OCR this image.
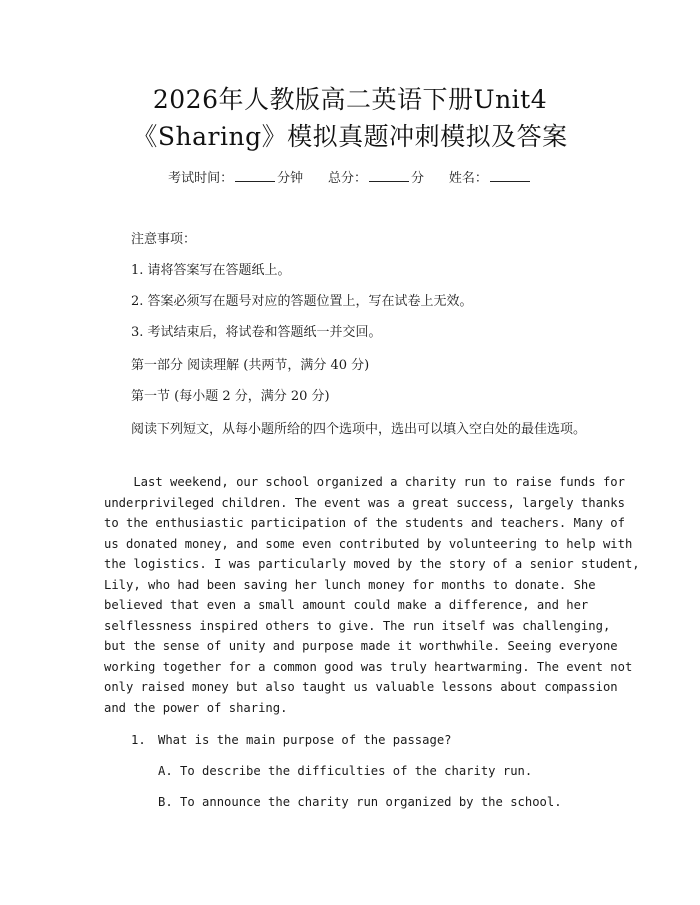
2026年人教版高二英语下册Unit4
《Sharing》模拟真题冲刺模拟及答案
考试时间：	分钟 总分：	分 姓名：
注意事项：
1. 请将答案写在答题纸上。
2. 答案必须写在题号对应的答题位置上，写在试卷上无效。
3. 考试结束后，将试卷和答题纸一并交回。
第一部分 阅读理解 (共两节，满分 40 分)
第一节 (每小题 2 分，满分 20 分)
阅读下列短文，从每小题所给的四个选项中，选出可以填入空白处的最佳选项。
Last weekend, our school organized a charity run to raise funds for
underprivileged children. The event was a great success, largely thanks
to the enthusiastic participation of the students and teachers. Many of
us donated money, and some even contributed by volunteering to help with
the logistics. I was particularly moved by the story of a senior student,
Lily, who had been saving her lunch money for months to donate. She
believed that even a small amount could make a difference, and her
selflessness inspired others to give. The run itself was challenging,
but the sense of unity and purpose made it worthwhile. Seeing everyone
working together for a common good was truly heartwarming. The event not
only raised money but also taught us valuable lessons about compassion
and the power of sharing.
1. What is the main purpose of the passage?
A. To describe the difficulties of the charity run.
B. To announce the charity run organized by the school.
